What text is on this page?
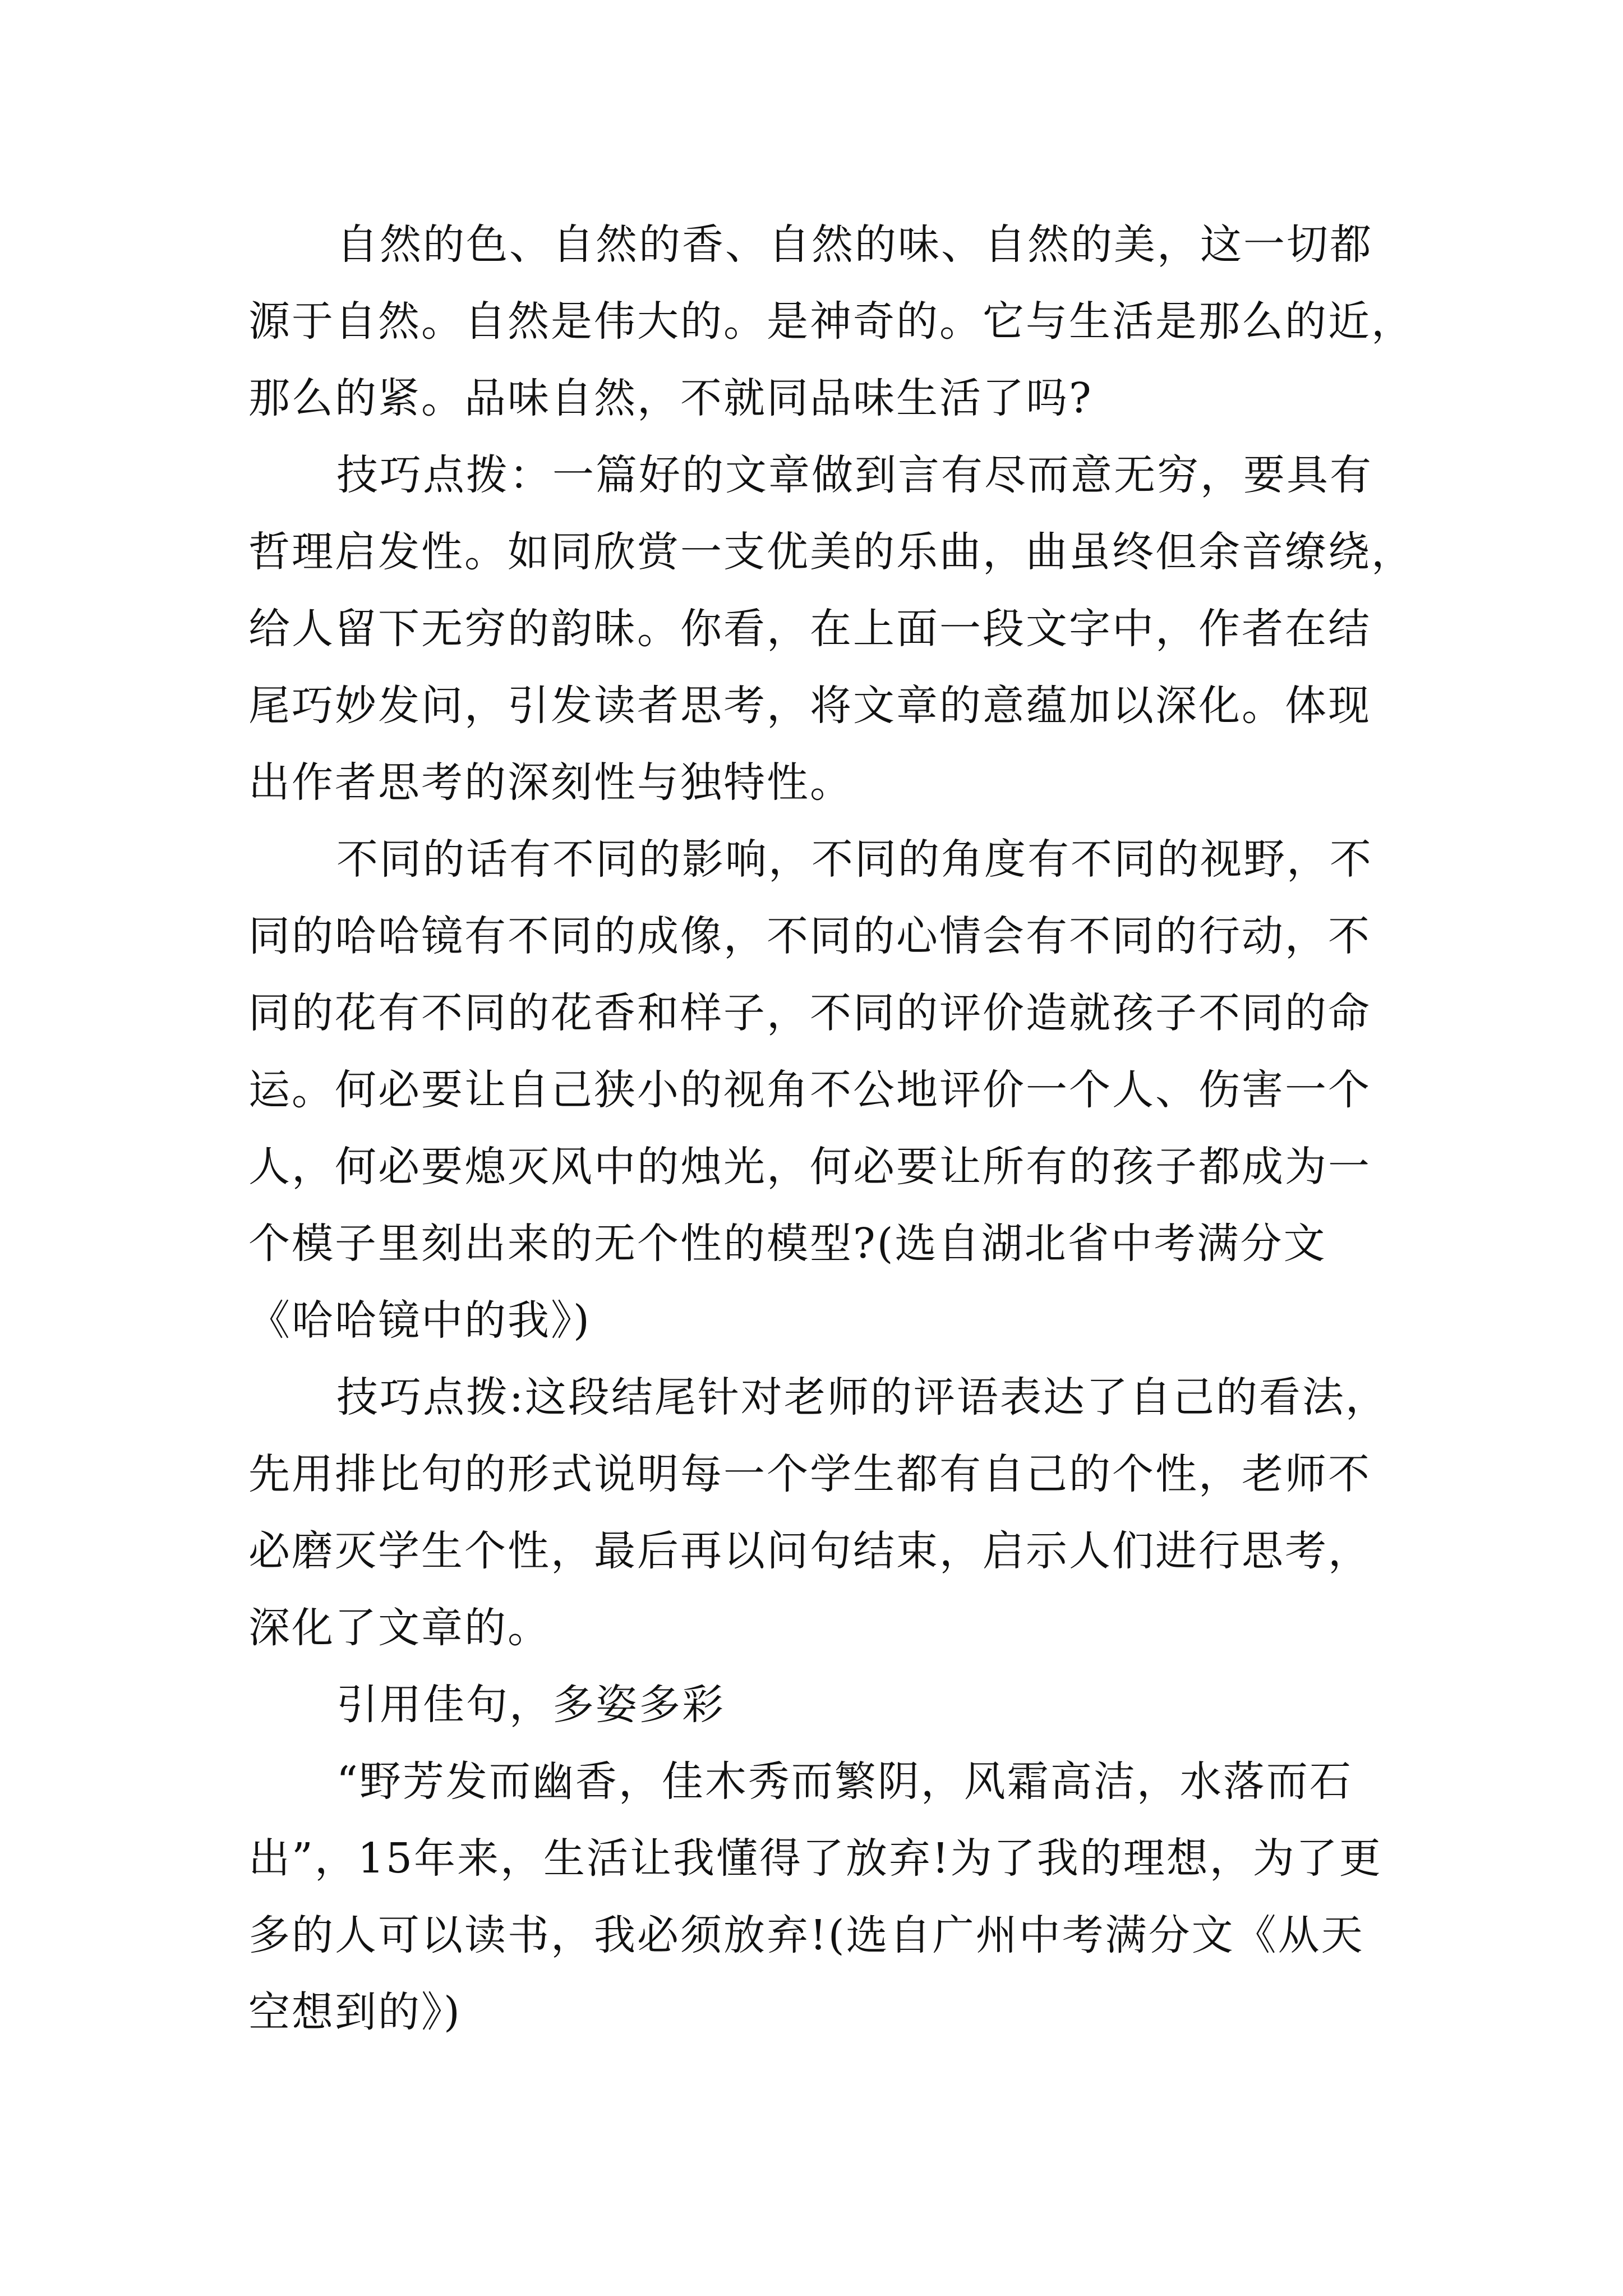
自然的色、自然的香、自然的味、自然的美，这一切都
源于自然。自然是伟大的。是神奇的。它与生活是那么的近，
那么的紧。品味自然，不就同品味生活了吗?
技巧点拨：一篇好的文章做到言有尽而意无穷，要具有
哲理启发性。如同欣赏一支优美的乐曲，曲虽终但余音缭绕，
给人留下无穷的韵昧。你看，在上面一段文字中，作者在结
尾巧妙发问，引发读者思考，将文章的意蕴加以深化。体现
出作者思考的深刻性与独特性。
不同的话有不同的影响，不同的角度有不同的视野，不
同的哈哈镜有不同的成像，不同的心情会有不同的行动，不
同的花有不同的花香和样子，不同的评价造就孩子不同的命
运。何必要让自己狭小的视角不公地评价一个人、伤害一个
人，何必要熄灭风中的烛光，何必要让所有的孩子都成为一
个模子里刻出来的无个性的模型?(选自湖北省中考满分文
《哈哈镜中的我》)
技巧点拨:这段结尾针对老师的评语表达了自己的看法，
先用排比句的形式说明每一个学生都有自己的个性，老师不
必磨灭学生个性，最后再以问句结束，启示人们进行思考，
深化了文章的。
引用佳句，多姿多彩
“野芳发而幽香，佳木秀而繁阴，风霜高洁，水落而石
出”，15年来，生活让我懂得了放弃!为了我的理想，为了更
多的人可以读书，我必须放弃!(选自广州中考满分文《从天
空想到的》)
